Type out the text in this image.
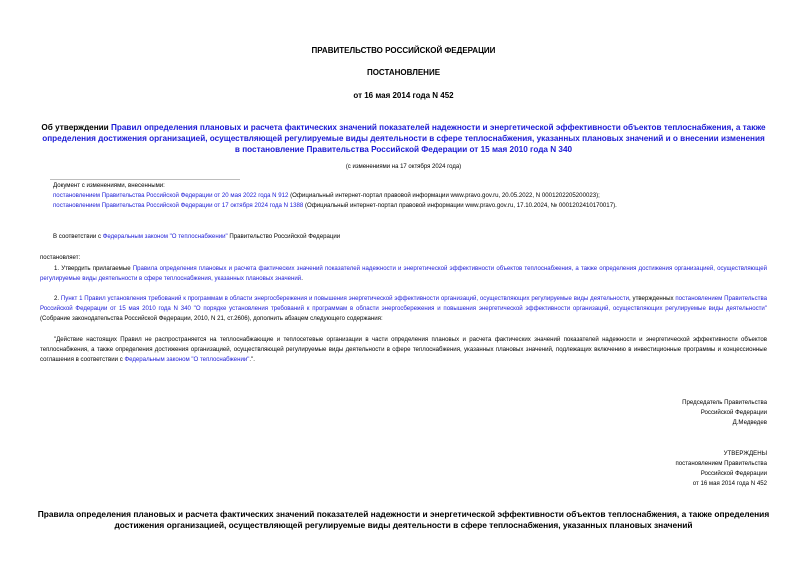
ПРАВИТЕЛЬСТВО РОССИЙСКОЙ ФЕДЕРАЦИИ
ПОСТАНОВЛЕНИЕ
от 16 мая 2014 года N 452
Об утверждении Правил определения плановых и расчета фактических значений показателей надежности и энергетической эффективности объектов теплоснабжения, а также определения достижения организацией, осуществляющей регулируемые виды деятельности в сфере теплоснабжения, указанных плановых значений и о внесении изменения в постановление Правительства Российской Федерации от 15 мая 2010 года N 340
(с изменениями на 17 октября 2024 года)
Документ с изменениями, внесенными:
постановлением Правительства Российской Федерации от 20 мая 2022 года N 912 (Официальный интернет-портал правовой информации www.pravo.gov.ru, 20.05.2022, N 0001202205200023);
постановлением Правительства Российской Федерации от 17 октября 2024 года N 1388 (Официальный интернет-портал правовой информации www.pravo.gov.ru, 17.10.2024, № 0001202410170017).
В соответствии с Федеральным законом "О теплоснабжении" Правительство Российской Федерации
постановляет:
1. Утвердить прилагаемые Правила определения плановых и расчета фактических значений показателей надежности и энергетической эффективности объектов теплоснабжения, а также определения достижения организацией, осуществляющей регулируемые виды деятельности в сфере теплоснабжения, указанных плановых значений.
2. Пункт 1 Правил установления требований к программам в области энергосбережения и повышения энергетической эффективности организаций, осуществляющих регулируемые виды деятельности, утвержденных постановлением Правительства Российской Федерации от 15 мая 2010 года N 340 "О порядке установления требований к программам в области энергосбережения и повышения энергетической эффективности организаций, осуществляющих регулируемые виды деятельности" (Собрание законодательства Российской Федерации, 2010, N 21, ст.2606), дополнить абзацем следующего содержания:
"Действие настоящих Правил не распространяется на теплоснабжающие и теплосетевые организации в части определения плановых и расчета фактических значений показателей надежности и энергетической эффективности объектов теплоснабжения, а также определения достижения организацией, осуществляющей регулируемые виды деятельности в сфере теплоснабжения, указанных плановых значений, подлежащих включению в инвестиционные программы и концессионные соглашения в соответствии с Федеральным законом "О теплоснабжении".".
Председатель Правительства
Российской Федерации
Д.Медведев
УТВЕРЖДЕНЫ
постановлением Правительства
Российской Федерации
от 16 мая 2014 года N 452
Правила определения плановых и расчета фактических значений показателей надежности и энергетической эффективности объектов теплоснабжения, а также определения достижения организацией, осуществляющей регулируемые виды деятельности в сфере теплоснабжения, указанных плановых значений
